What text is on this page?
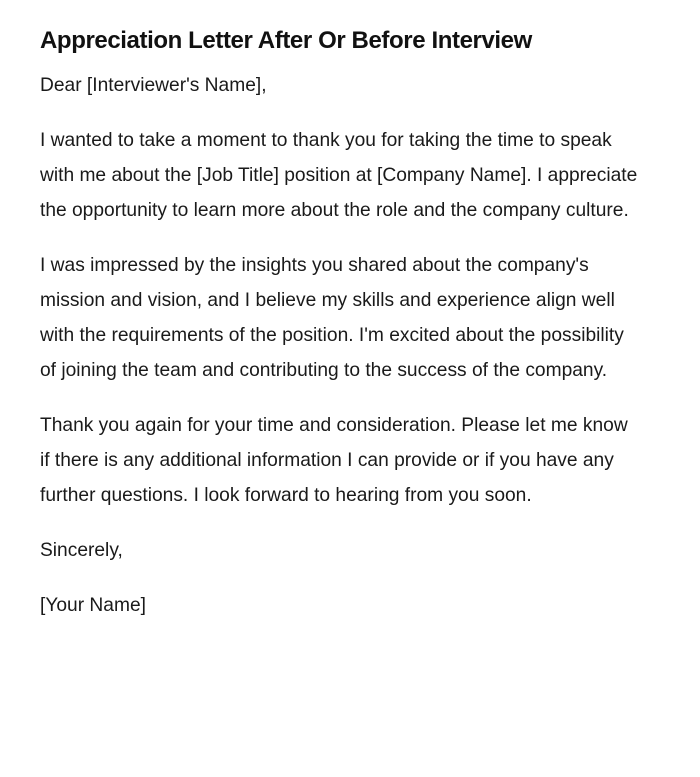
Appreciation Letter After Or Before Interview

Dear [Interviewer's Name],

I wanted to take a moment to thank you for taking the time to speak with me about the [Job Title] position at [Company Name]. I appreciate the opportunity to learn more about the role and the company culture.

I was impressed by the insights you shared about the company's mission and vision, and I believe my skills and experience align well with the requirements of the position. I'm excited about the possibility of joining the team and contributing to the success of the company.

Thank you again for your time and consideration. Please let me know if there is any additional information I can provide or if you have any further questions. I look forward to hearing from you soon.

Sincerely,

[Your Name]
